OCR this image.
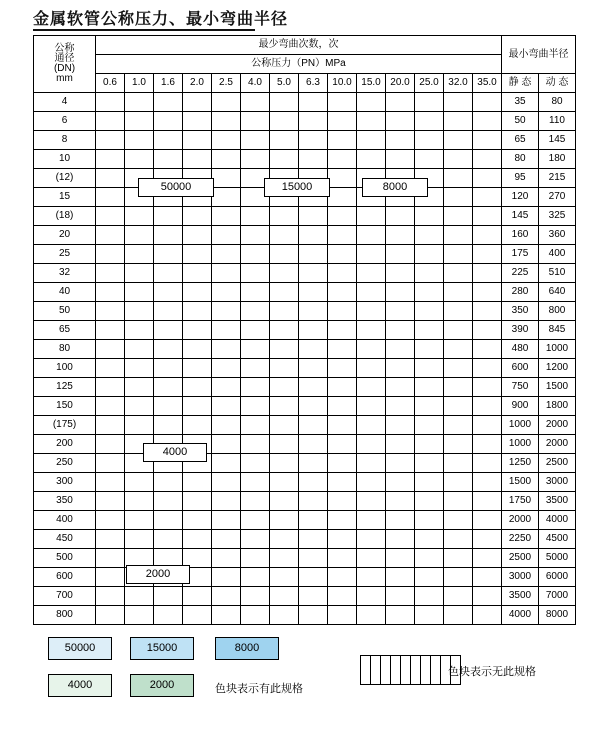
金属软管公称压力、最小弯曲半径
公称
通径
(DN)
mm	最少弯曲次数，次														最小弯曲半径	
	公称压力（PN）MPa															
	0.6	1.0	1.6	2.0	2.5	4.0	5.0	6.3	10.0	15.0	20.0	25.0	32.0	35.0	静 态	动 态
4															35	80
6															50	110
8															65	145
10															80	180
(12)															95	215
15															120	270
(18)															145	325
20															160	360
25															175	400
32															225	510
40															280	640
50															350	800
65															390	845
80															480	1000
100															600	1200
125															750	1500
150															900	1800
(175)															1000	2000
200															1000	2000
250															1250	2500
300															1500	3000
350															1750	3500
400															2000	4000
450															2250	4500
500															2500	5000
600															3000	6000
700															3500	7000
800															4000	8000
50000	15000	8000
4000
2000
50000	15000	8000
4000	2000	色块表示有此规格

色块表示无此规格
